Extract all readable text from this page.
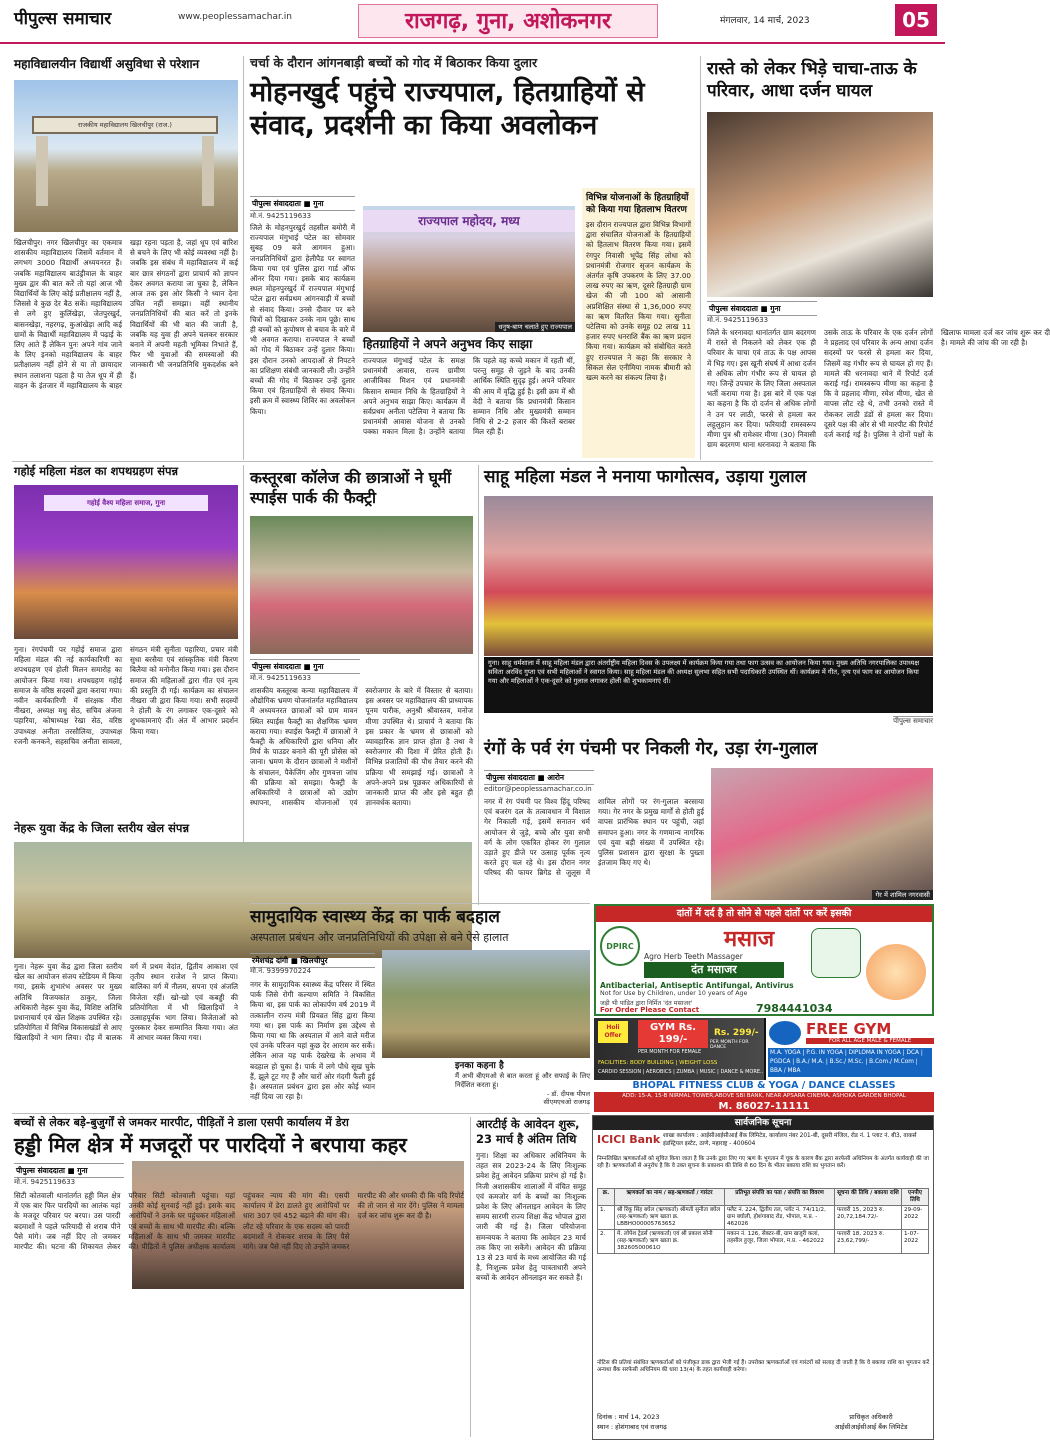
पीपुल्स समाचार	www.peoplessamachar.in	राजगढ़, गुना, अशोकनगर	मंगलवार, 14 मार्च, 2023	05
महाविद्यालयीन विद्यार्थी असुविधा से परेशान
राजकीय महाविद्यालय खिलचीपुर (राज.)
खिलचीपुर। नगर खिलचीपुर का एकमात्र शासकीय महाविद्यालय जिसमें वर्तमान में लगभग 3000 विद्यार्थी अध्ययनरत हैं। जबकि महाविद्यालय बाउंड्रीवाल के बाहर मुख्य द्वार की बात करें तो यहां आज भी विद्यार्थियों के लिए कोई प्रतीक्षालय नहीं है, जिससे वे कुछ देर बैठ सकें। महाविद्यालय से लगे हुए कुलिंखेड़ा, जेतपुरखुर्द, बासनखेड़ा, नहरगढ़, कुआंखेड़ा आदि कई ग्रामों के विद्यार्थी महाविद्यालय में पढ़ाई के लिए आते हैं लेकिन पुनः अपने गांव जाने के लिए इनको महाविद्यालय के बाहर प्रतीक्षालय नहीं होने से या तो छायादार स्थान तलाशना पड़ता है या तेज धूप में ही वाहन के इंतजार में महाविद्यालय के बाहर खड़ा रहना पड़ता है, जहां धूप एवं बारिश से बचने के लिए भी कोई व्यवस्था नहीं है। जबकि इस संबंध में महाविद्यालय में कई बार छात्र संगठनों द्वारा प्राचार्य को ज्ञापन देकर अवगत कराया जा चुका है, लेकिन आज तक इस ओर किसी ने ध्यान देना उचित नहीं समझा। वहीं स्थानीय जनप्रतिनिधियों की बात करें तो इनके विद्यार्थियों की भी बात की जाती है, जबकि यह युवा ही अपने चलकर सरकार बनाने में अपनी महती भूमिका निभाते हैं, फिर भी युवाओं की समस्याओं की जानकारी भी जनप्रतिनिधि मुकदर्शक बने हैं।
चर्चा के दौरान आंगनबाड़ी बच्चों को गोद में बिठाकर किया दुलार
मोहनखुर्द पहुंचे राज्यपाल, हितग्राहियों से संवाद, प्रदर्शनी का किया अवलोकन
पीपुल्स संवाददाता ■ गुना
मो.नं. 9425119633
जिले के मोहनपुरखुर्द तहसील बमोरी में राज्यपाल मंगुभाई पटेल का सोमवार सुबह 09 बजे आगमन हुआ। जनप्रतिनिधियों द्वारा हेलीपैड पर स्वागत किया गया एवं पुलिस द्वारा गार्ड ऑफ ऑनर दिया गया। इसके बाद कार्यक्रम स्थल मोहनपुरखुर्द में राज्यपाल मंगुभाई पटेल द्वारा सर्वप्रथम आंगनवाड़ी में बच्चों से संवाद किया। उनसे दीवार पर बने चित्रों को दिखाकर उनके नाम पूछे। साथ ही बच्चों को कुपोषण से बचाव के बारे में भी अवगत कराया। राज्यपाल ने बच्चों को गोद में बिठाकर उन्हें दुलार किया। इस दौरान उनको आपदाओं से निपटने का प्रशिक्षण संबंधी जानकारी ली। उन्होंने बच्चों की गोद में बिठाकर उन्हें दुलार किया एवं हितग्राहियों से संवाद किया। इसी क्रम में स्वास्थ्य शिविर का अवलोकन किया।
राज्यपाल महोदय, मध्य
धनुष-बाण चलाते हुए राज्यपाल
हितग्राहियों ने अपने अनुभव किए साझा
राज्यपाल मंगुभाई पटेल के समक्ष प्रधानमंत्री आवास, राज्य ग्रामीण आजीविका मिशन एवं प्रधानमंत्री किसान सम्मान निधि के हितग्राहियों ने अपने अनुभव साझा किए। कार्यक्रम में सर्वप्रथम अनीता पटेलिया ने बताया कि प्रधानमंत्री आवास योजना से उनको पक्का मकान मिला है। उन्होंने बताया कि पहले वह कच्चे मकान में रहती थीं, परन्तु समूह से जुड़ने के बाद उनकी आर्थिक स्थिति सुदृढ़ हुई। अपने परिवार की आय में वृद्धि हुई है। इसी क्रम में श्री वेदी ने बताया कि प्रधानमंत्री किसान सम्मान निधि और मुख्यमंत्री सम्मान निधि से 2-2 हजार की किश्तें बराबर मिल रही हैं।
विभिन्न योजनाओं के हितग्राहियों को किया गया हितलाभ वितरण
इस दौरान राज्यपाल द्वारा विभिन्न विभागों द्वारा संचालित योजनाओं के हितग्राहियों को हितलाभ वितरण किया गया। इसमें रंगपुर निवासी भूपेंद्र सिंह लोधा को प्रधानमंत्री रोजगार सृजन कार्यक्रम के अंतर्गत कृषि उपकरण के लिए 37.00 लाख रुपए का ऋण, दूसरे हितग्राही ग्राम खेज की जी 100 को आसानी अप्रशिक्षित संस्था से 1,36,000 रुपए का ऋण वितरित किया गया। सुनीता पटेलिया को उनके समूह 02 लाख 11 हजार रुपए धनराशि बैंक का ऋण प्रदान किया गया। कार्यक्रम को संबोधित करते हुए राज्यपाल ने कहा कि सरकार ने सिकल सेल एनीमिया नामक बीमारी को खत्म करने का संकल्प लिया है।
रास्ते को लेकर भिड़े चाचा-ताऊ के परिवार, आधा दर्जन घायल
पीपुल्स संवाददाता ■ गुना
मो.नं. 9425119633
जिले के धरनावदा थानांतर्गत ग्राम बदरगण में रास्ते से निकलने को लेकर एक ही परिवार के चाचा एवं ताऊ के पक्ष आपस में भिड़ गए। इस खूनी संघर्ष में आधा दर्जन से अधिक लोग गंभीर रूप से घायल हो गए। जिन्हें उपचार के लिए जिला अस्पताल भर्ती कराया गया है। इस बारे में एक पक्ष का कहना है कि दो दर्जन से अधिक लोगों ने उन पर लाठी, फरसे से हमला कर लहूलुहान कर दिया। फरियादी रामस्वरूप मीणा पुत्र श्री रामेश्वर मीणा (30) निवासी ग्राम बदरगण थाना धरनावदा ने बताया कि उसके ताऊ के परिवार के एक दर्जन लोगों ने प्रहलाद एवं परिवार के अन्य आधा दर्जन सदस्यों पर फरसे से हमला कर दिया, जिसमें वह गंभीर रूप से घायल हो गए हैं। मामले की धरनावदा थाने में रिपोर्ट दर्ज कराई गई। रामस्वरूप मीणा का कहना है कि वे प्रहलाद मीणा, रमेश मीणा, खेत से वापस लौट रहे थे, तभी उनको रास्ते में रोककर लाठी डंडों से हमला कर दिया। दूसरे पक्ष की ओर से भी मारपीट की रिपोर्ट दर्ज कराई गई है। पुलिस ने दोनों पक्षों के खिलाफ मामला दर्ज कर जांच शुरू कर दी है। मामले की जांच की जा रही है।
गहोई महिला मंडल का शपथग्रहण संपन्न
गहोई वैश्य महिला समाज, गुना
गुना। रंगपंचमी पर गहोई समाज द्वारा महिला मंडल की नई कार्यकारिणी का शपथग्रहण एवं होली मिलन समारोह का आयोजन किया गया। शपथग्रहण गहोई समाज के वरिष्ठ सदस्यों द्वारा कराया गया। नवीन कार्यकारिणी में संरक्षक मीरा नीखरा, अध्यक्ष मधु सेठ, सचिव अंजना पहारिया, कोषाध्यक्ष रेखा सेठ, वरिष्ठ उपाध्यक्ष अनीता तरसौलिया, उपाध्यक्ष रजनी कनकने, सहसचिव अनीता सावला, संगठन मंत्री सुनीता पहारिया, प्रचार मंत्री सुधा बरसैया एवं सांस्कृतिक मंत्री किरण बिलैया को मनोनीत किया गया। इस दौरान समाज की महिलाओं द्वारा गीत एवं नृत्य की प्रस्तुति दी गई। कार्यक्रम का संचालन नीखरा जी द्वारा किया गया। सभी सदस्यों ने होली के रंग लगाकर एक-दूसरे को शुभकामनाएं दीं। अंत में आभार प्रदर्शन किया गया।
कस्तूरबा कॉलेज की छात्राओं ने घूमीं स्पाईस पार्क की फैक्ट्री
पीपुल्स संवाददाता ■ गुना
मो.नं. 9425119633
शासकीय कस्तूरबा कन्या महाविद्यालय में औद्योगिक भ्रमण योजनांतर्गत महाविद्यालय में अध्ययनरत छात्राओं को ग्राम मावन स्थित स्पाईस फैक्ट्री का शैक्षणिक भ्रमण कराया गया। स्पाईस फैक्ट्री में छात्राओं ने फैक्ट्री के अधिकारियों द्वारा धनिया और मिर्च के पाउडर बनाने की पूरी प्रोसेस को जाना। भ्रमण के दौरान छात्राओं ने मशीनों के संचालन, पैकेजिंग और गुणवत्ता जांच की प्रक्रिया को समझा। फैक्ट्री के अधिकारियों ने छात्राओं को उद्योग स्थापना, शासकीय योजनाओं एवं स्वरोजगार के बारे में विस्तार से बताया। इस अवसर पर महाविद्यालय की प्राध्यापक पूनम पारीक, अनुश्री श्रीवास्तव, मनोज मीणा उपस्थित थे। प्राचार्य ने बताया कि इस प्रकार के भ्रमण से छात्राओं को व्यावहारिक ज्ञान प्राप्त होता है तथा वे स्वरोजगार की दिशा में प्रेरित होती हैं। विभिन्न प्रजातियों की पौध तैयार करने की प्रक्रिया भी समझाई गई। छात्राओं ने अपने-अपने प्रश्न पूछकर अधिकारियों से जानकारी प्राप्त की और इसे बहुत ही ज्ञानवर्धक बताया।
साहू महिला मंडल ने मनाया फागोत्सव, उड़ाया गुलाल
गुना। साहू धर्मशाला में साहू महिला मंडल द्वारा अंतर्राष्ट्रीय महिला दिवस के उपलक्ष्य में कार्यक्रम किया गया तथा फाग उत्सव का आयोजन किया गया। मुख्य अतिथि नगरपालिका उपाध्यक्ष सविता अरविंद गुप्ता एवं सभी महिलाओं ने स्वागत किया। साहू महिला मंडल की अध्यक्ष सुलभा सहित सभी पदाधिकारी उपस्थित थीं। कार्यक्रम में गीत, नृत्य एवं फाग का आयोजन किया गया और महिलाओं ने एक-दूसरे को गुलाल लगाकर होली की शुभकामनाएं दीं।
पीपुल्स समाचार
रंगों के पर्व रंग पंचमी पर निकली गेर, उड़ा रंग-गुलाल
पीपुल्स संवाददाता ■ आरोन
editor@peoplessamachar.co.in
नगर में रंग पंचमी पर विश्व हिंदू परिषद एवं बजरंग दल के तत्वावधान में विशाल गेर निकाली गई, इसमें सनातन धर्म आयोजन से जुड़े, बच्चे और युवा सभी वर्ग के लोग एकत्रित होकर रंग गुलाल उड़ाते हुए डीजे पर उत्साह पूर्वक नृत्य करते हुए चल रहे थे। इस दौरान नगर परिषद की फायर ब्रिगेड से जुलूस में शामिल लोगों पर रंग-गुलाल बरसाया गया। गेर नगर के प्रमुख मार्गों से होती हुई वापस प्रारंभिक स्थान पर पहुंची, जहां समापन हुआ। नगर के गणमान्य नागरिक एवं युवा बड़ी संख्या में उपस्थित रहे। पुलिस प्रशासन द्वारा सुरक्षा के पुख्ता इंतजाम किए गए थे।
गेर में शामिल नगरवासी
नेहरू युवा केंद्र के जिला स्तरीय खेल संपन्न
गुना। नेहरू युवा केंद्र द्वारा जिला स्तरीय खेल का आयोजन संजय स्टेडियम में किया गया, इसके शुभारंभ अवसर पर मुख्य अतिथि विजयकांत ठाकुर, जिला अधिकारी नेहरू युवा केंद्र, विशिष्ट अतिथि प्रधानाचार्य एवं खेल शिक्षक उपस्थित रहे। प्रतियोगिता में विभिन्न विकासखंडों से आए खिलाड़ियों ने भाग लिया। दौड़ में बालक वर्ग में प्रथम वेदांत, द्वितीय आकाश एवं तृतीय स्थान राजेश ने प्राप्त किया। बालिका वर्ग में नीलम, सपना एवं अंजलि विजेता रहीं। खो-खो एवं कबड्डी की प्रतियोगिता में भी खिलाड़ियों ने उत्साहपूर्वक भाग लिया। विजेताओं को पुरस्कार देकर सम्मानित किया गया। अंत में आभार व्यक्त किया गया।
सामुदायिक स्वास्थ्य केंद्र का पार्क बदहाल
अस्पताल प्रबंधन और जनप्रतिनिधियों की उपेक्षा से बने ऐसे हालात
रमेशचंद्र दांगी ■ खिलचीपुर
मो.नं. 9399970224
नगर के सामुदायिक स्वास्थ्य केंद्र परिसर में स्थित पार्क जिसे रोगी कल्याण समिति ने विकसित किया था, इस पार्क का लोकार्पण वर्ष 2019 में तत्कालीन राज्य मंत्री प्रियव्रत सिंह द्वारा किया गया था। इस पार्क का निर्माण इस उद्देश्य से किया गया था कि अस्पताल में आने वाले मरीज एवं उनके परिजन यहां कुछ देर आराम कर सकें। लेकिन आज यह पार्क देखरेख के अभाव में बदहाल हो चुका है। पार्क में लगे पौधे सूख चुके हैं, झूले टूट गए हैं और चारों ओर गंदगी फैली हुई है। अस्पताल प्रबंधन द्वारा इस ओर कोई ध्यान नहीं दिया जा रहा है।
इनका कहना है
मैं अभी बीएमओ से बात करता हूं और सफाई के लिए निर्देशित करता हूं।
- डॉ. दीपक पीपल
सीएमएचओ राजगढ़
दांतों में दर्द है तो सोने से पहले दांतों पर करें इसकी
DPIRC	मसाज
Agro Herb Teeth Massager
दंत मसाजर
Antibacterial, Antiseptic Antifungal, Antivirus
Not for Use by Children, under 10 years of Age
जड़ी भी पांडित द्वारा निर्मित 'दंत मसाजर'
For Order Please Contact	7984441034
Holi Offer
GYM Rs. 199/-
PER MONTH FOR FEMALE
Rs. 299/-
PER MONTH FOR DANCE
FACILITIES: BODY BUILDING | WEIGHT LOSS
CARDIO SESSION | AEROBICS | ZUMBA | MUSIC | DANCE & MORE..
FREE GYM
FOR ALL AGE MALE & FEMALE
M.A. YOGA | P.G. IN YOGA | DIPLOMA IN YOGA | DCA | PGDCA | B.A./ M.A. | B.Sc./ M.Sc. | B.Com./ M.Com | BBA / MBA
BHOPAL FITNESS CLUB & YOGA / DANCE CLASSES
ADD: 15-A, 15-B NIRMAL TOWER,ABOVE SBI BANK, NEAR APSARA CINEMA, ASHOKA GARDEN BHOPAL
M. 86027-11111
बच्चों से लेकर बड़े-बुजुर्गों से जमकर मारपीट, पीड़ितों ने डाला एसपी कार्यालय में डेरा
हड्डी मिल क्षेत्र में मजदूरों पर पारदियों ने बरपाया कहर
पीपुल्स संवाददाता ■ गुना
मो.नं. 9425119633
सिटी कोतवाली थानांतर्गत हड्डी मिल क्षेत्र में एक बार फिर पारदियों का आतंक यहां के मजदूर परिवार पर बरपा। उस पारदी बदमाशों ने पहले फरियादी से शराब पीने पैसे मांगे। जब नहीं दिए तो जमकर मारपीट की। घटना की शिकायत लेकर परिवार सिटी कोतवाली पहुंचा। यहां उनकी कोई सुनवाई नहीं हुई। इसके बाद आरोपियों ने उनके घर पहुंचकर महिलाओं एवं बच्चों के साथ भी मारपीट की। बल्कि महिलाओं के साथ भी जमकर मारपीट की। पीड़ितों ने पुलिस अधीक्षक कार्यालय पहुंचकर न्याय की मांग की। एसपी कार्यालय में डेरा डालते हुए आरोपियों पर धारा 307 एवं 452 बढ़ाने की मांग की। लौट रहे परिवार के एक सदस्य को पारदी बदमाशों ने रोककर शराब के लिए पैसे मांगे। जब पैसे नहीं दिए तो उन्होंने जमकर मारपीट की और धमकी दी कि यदि रिपोर्ट की तो जान से मार देंगे। पुलिस ने मामला दर्ज कर जांच शुरू कर दी है।
आरटीई के आवेदन शुरू, 23 मार्च है अंतिम तिथि
गुना। शिक्षा का अधिकार अधिनियम के तहत सत्र 2023-24 के लिए निःशुल्क प्रवेश हेतु आवेदन प्रक्रिया प्रारंभ हो गई है। निजी अशासकीय शालाओं में वंचित समूह एवं कमजोर वर्ग के बच्चों का निःशुल्क प्रवेश के लिए ऑनलाइन आवेदन के लिए समय सारणी राज्य शिक्षा केंद्र भोपाल द्वारा जारी की गई है। जिला परियोजना समन्वयक ने बताया कि आवेदन 23 मार्च तक किए जा सकेंगे। आवेदन की प्रक्रिया 13 से 23 मार्च के मध्य आयोजित की गई है, निःशुल्क प्रवेश हेतु पात्रताधारी अपने बच्चों के आवेदन ऑनलाइन कर सकते हैं।
सार्वजनिक सूचना
ICICI Bank शाखा कार्यालय : आईसीआईसीआई बैंक लिमिटेड, कार्यालय नंबर 201-बी, दूसरी मंजिल, रोड नं. 1 प्लाट नं. बी3, वाकर्स इंडस्ट्रियल इस्टेट, ठाणे, महाराष्ट्र - 400604
निम्नलिखित ऋणकर्ताओं को सूचित किया जाता है कि उनके द्वारा लिए गए ऋण के भुगतान में चूक के कारण बैंक द्वारा सरफेसी अधिनियम के अंतर्गत कार्यवाही की जा रही है। ऋणकर्ताओं से अनुरोध है कि वे उक्त सूचना के प्रकाशन की तिथि से 60 दिन के भीतर बकाया राशि का भुगतान करें।
क्र.	ऋणकर्ता का नाम / सह-ऋणकर्ता / गारंटर	प्रतिभूत संपत्ति का पता / संपत्ति का विवरण	सूचना की तिथि / बकाया राशि	एनपीए तिथि
1.	श्री रिंकू सिंह बघेल (ऋणकर्ता) श्रीमती सुनीता बघेल (सह-ऋणकर्ता) ऋण खाता क्र. LBBHO00005763652	फ्लैट नं. 224, द्वितीय तल, प्लॉट नं. 74/11/2, ग्राम बघोली, होशंगाबाद रोड, भोपाल, म.प्र. - 462026	फरवरी 15, 2023 रु. 20,72,184.72/-	29-09-2022
2.	मे. लोपेश ट्रेडर्स (ऋणकर्ता) एवं श्री प्रकाश सोनी (सह-ऋणकर्ता) ऋण खाता क्र. 38260500061O	मकान नं. 126, सेक्टर-बी, ग्राम खजूरी कलां, तहसील हुजूर, जिला भोपाल, म.प्र. - 462022	फरवरी 18, 2023 रु. 23,62,799/-	1-07-2022
नोटिस की प्रतियां संबंधित ऋणकर्ताओं को पंजीकृत डाक द्वारा भेजी गई हैं। उपरोक्त ऋणकर्ताओं एवं गारंटरों को सलाह दी जाती है कि वे बकाया राशि का भुगतान करें अन्यथा बैंक सरफेसी अधिनियम की धारा 13(4) के तहत कार्यवाही करेगा।
दिनांक : मार्च 14, 2023
स्थान : होशंगाबाद एवं राजगढ़
प्राधिकृत अधिकारी
आईसीआईसीआई बैंक लिमिटेड
